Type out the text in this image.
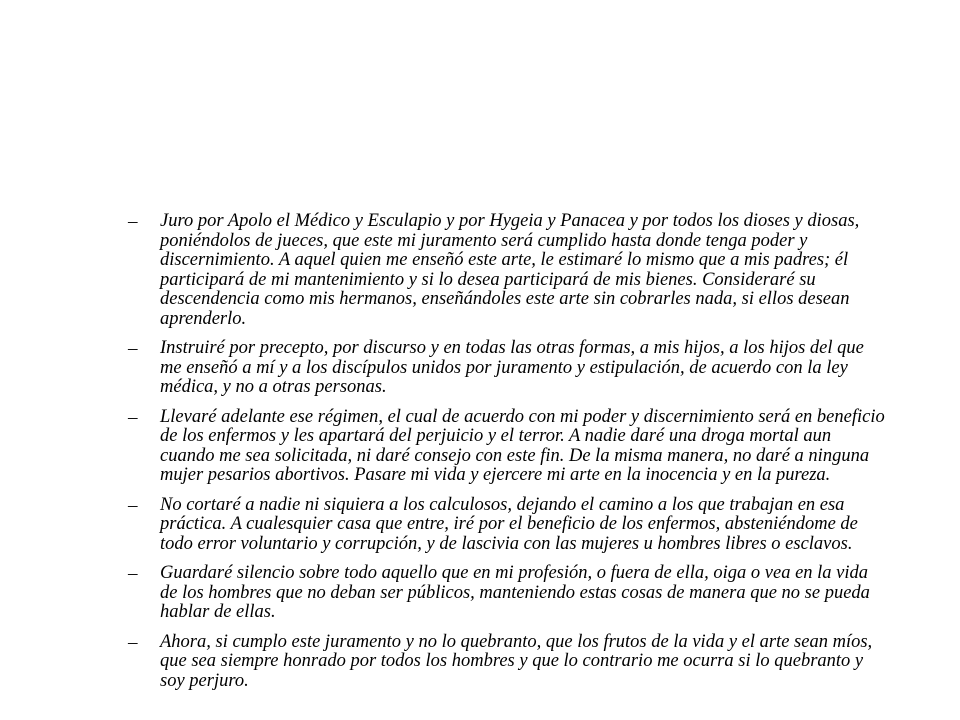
–	Juro por Apolo el Médico y Esculapio y por Hygeia y Panacea y por todos los dioses y diosas, poniéndolos de jueces, que este mi juramento será cumplido hasta donde tenga poder y discernimiento. A aquel quien me enseñó este arte, le estimaré lo mismo que a mis padres; él participará de mi mantenimiento y si lo desea participará de mis bienes. Consideraré su descendencia como mis hermanos, enseñándoles este arte sin cobrarles nada, si ellos desean aprenderlo.
–	Instruiré por precepto, por discurso y en todas las otras formas, a mis hijos, a los hijos del que me enseñó a mí y a los discípulos unidos por juramento y estipulación, de acuerdo con la ley médica, y no a otras personas.
–	Llevaré adelante ese régimen, el cual de acuerdo con mi poder y discernimiento será en beneficio de los enfermos y les apartará del perjuicio y el terror. A nadie daré una droga mortal aun cuando me sea solicitada, ni daré consejo con este fin. De la misma manera, no daré a ninguna mujer pesarios abortivos. Pasare mi vida y ejercere mi arte en la inocencia y en la pureza.
–	No cortaré a nadie ni siquiera a los calculosos, dejando el camino a los que trabajan en esa práctica. A cualesquier casa que entre, iré por el beneficio de los enfermos, absteniéndome de todo error voluntario y corrupción, y de lascivia con las mujeres u hombres libres o esclavos.
–	Guardaré silencio sobre todo aquello que en mi profesión, o fuera de ella, oiga o vea en la vida de los hombres que no deban ser públicos, manteniendo estas cosas de manera que no se pueda hablar de ellas.
–	Ahora, si cumplo este juramento y no lo quebranto, que los frutos de la vida y el arte sean míos, que sea siempre honrado por todos los hombres y que lo contrario me ocurra si lo quebranto y soy perjuro.
